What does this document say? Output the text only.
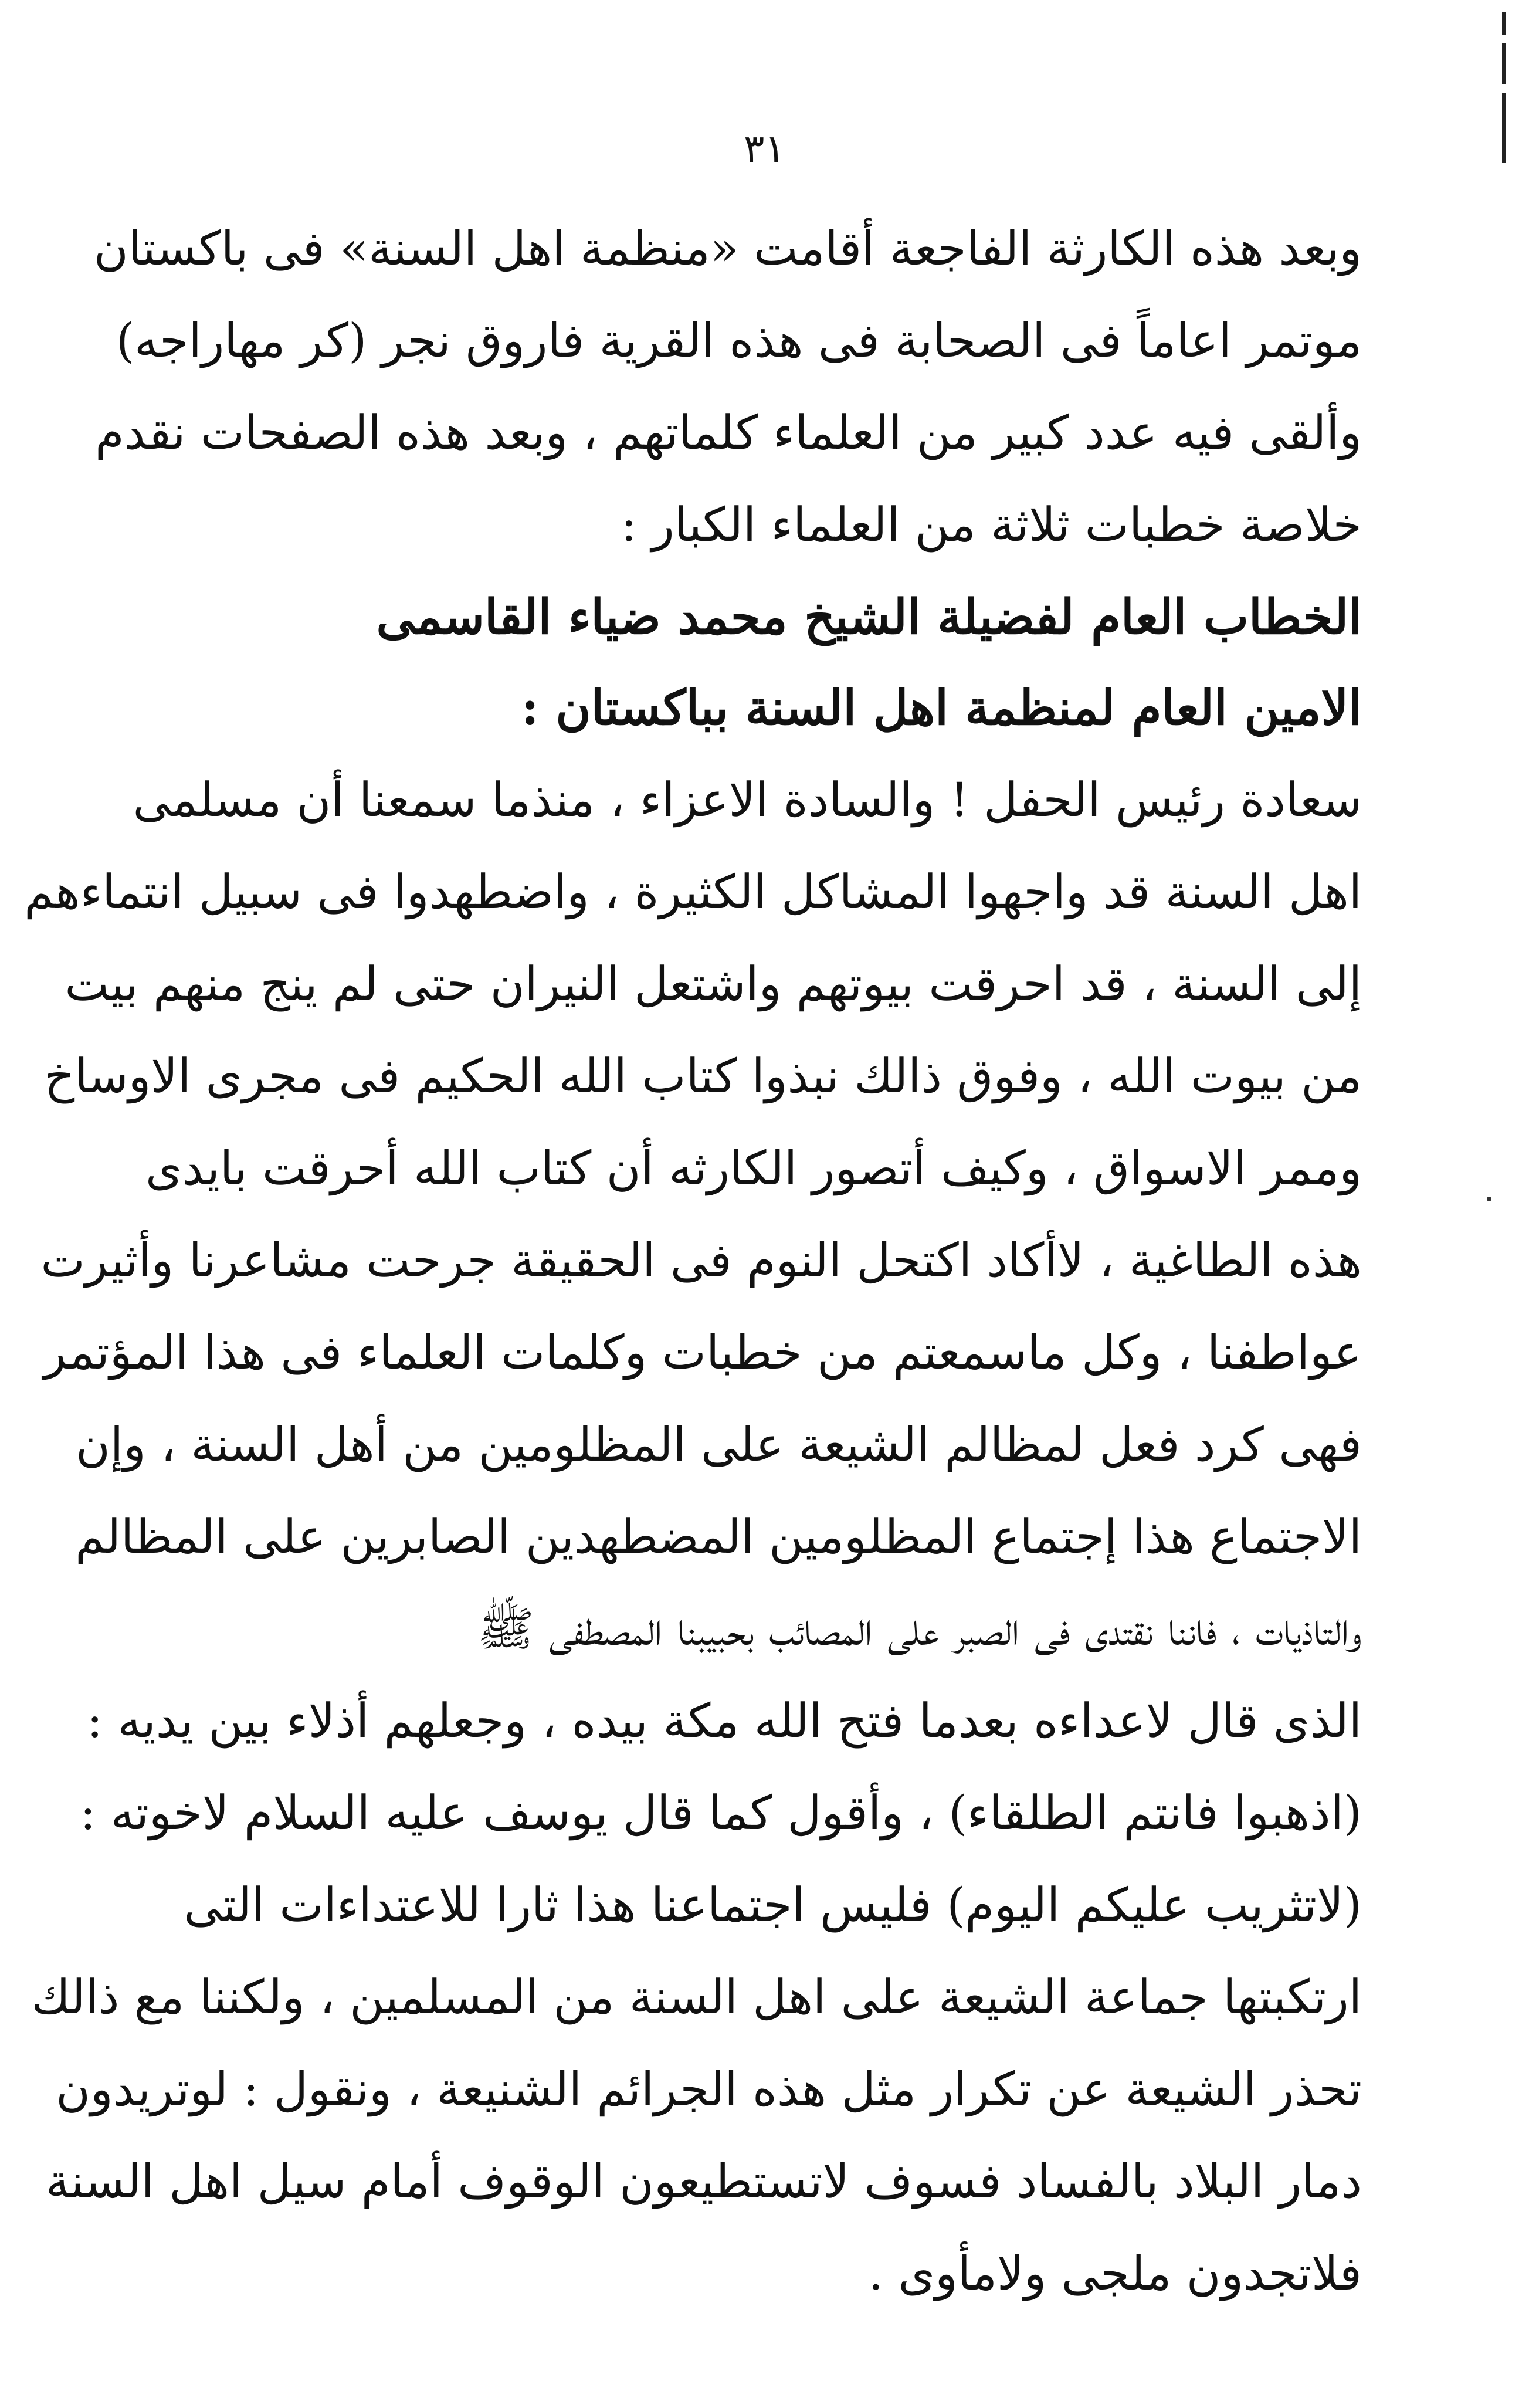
٣١
وبعد هذه الكارثة الفاجعة أقامت «منظمة اهل السنة» فى باكستان
موتمر اعاماً فى الصحابة فى هذه القرية فاروق نجر (كر مهاراجه)
وألقى فيه عدد كبير من العلماء كلماتهم ، وبعد هذه الصفحات نقدم
خلاصة خطبات ثلاثة من العلماء الكبار :
الخطاب العام لفضيلة الشيخ محمد ضياء القاسمى
الامين العام لمنظمة اهل السنة بباكستان :
سعادة رئيس الحفل ! والسادة الاعزاء ، منذما سمعنا أن مسلمى
اهل السنة قد واجهوا المشاكل الكثيرة ، واضطهدوا فى سبيل انتماءهم
إلى السنة ، قد احرقت بيوتهم واشتعل النيران حتى لم ينج منهم بيت
من بيوت الله ، وفوق ذالك نبذوا كتاب الله الحكيم فى مجرى الاوساخ
وممر الاسواق ، وكيف أتصور الكارثه أن كتاب الله أحرقت بايدى
هذه الطاغية ، لاأكاد اكتحل النوم فى الحقيقة جرحت مشاعرنا وأثيرت
عواطفنا ، وكل ماسمعتم من خطبات وكلمات العلماء فى هذا المؤتمر
فهى كرد فعل لمظالم الشيعة على المظلومين من أهل السنة ، وإن
الاجتماع هذا إجتماع المظلومين المضطهدين الصابرين على المظالم
والتاذيات ، فاننا نقتدى فى الصبر على المصائب بحبيبنا المصطفى ﷺ
الذى قال لاعداءه بعدما فتح الله مكة بيده ، وجعلهم أذلاء بين يديه :
(اذهبوا فانتم الطلقاء) ، وأقول كما قال يوسف عليه السلام لاخوته :
(لاتثريب عليكم اليوم) فليس اجتماعنا هذا ثارا للاعتداءات التى
ارتكبتها جماعة الشيعة على اهل السنة من المسلمين ، ولكننا مع ذالك
تحذر الشيعة عن تكرار مثل هذه الجرائم الشنيعة ، ونقول : لوتريدون
دمار البلاد بالفساد فسوف لاتستطيعون الوقوف أمام سيل اهل السنة
فلاتجدون ملجى ولامأوى .
